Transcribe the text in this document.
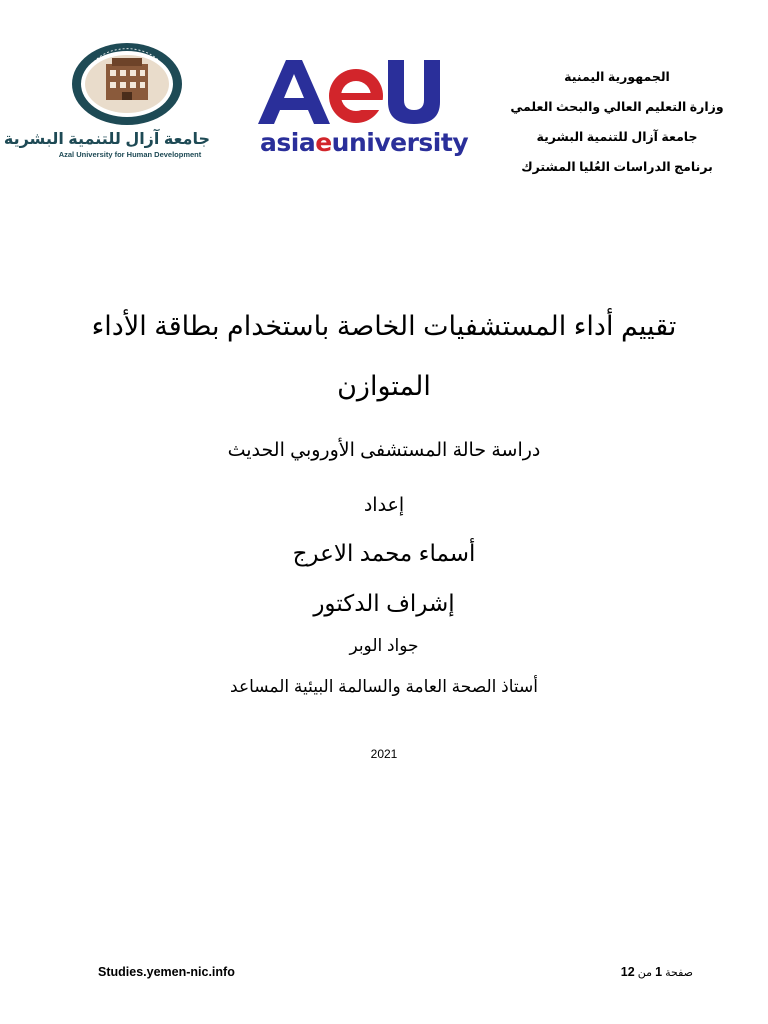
جامعة آزال للتنمية البشرية
Azal University for Human Development	asiaeuniversity
الجمهورية اليمنية
وزارة التعليم العالي والبحث العلمي
جامعة آزال للتنمية البشرية
برنامج الدراسات العُليا المشترك
تقييم أداء المستشفيات الخاصة باستخدام بطاقة الأداء
المتوازن
دراسة حالة المستشفى الأوروبي الحديث
إعداد
أسماء محمد الاعرج
إشراف الدكتور
جواد الوبر
أستاذ الصحة العامة والسالمة البيئية المساعد
2021
Studies.yemen-nic.info	صفحة 1 من 12
